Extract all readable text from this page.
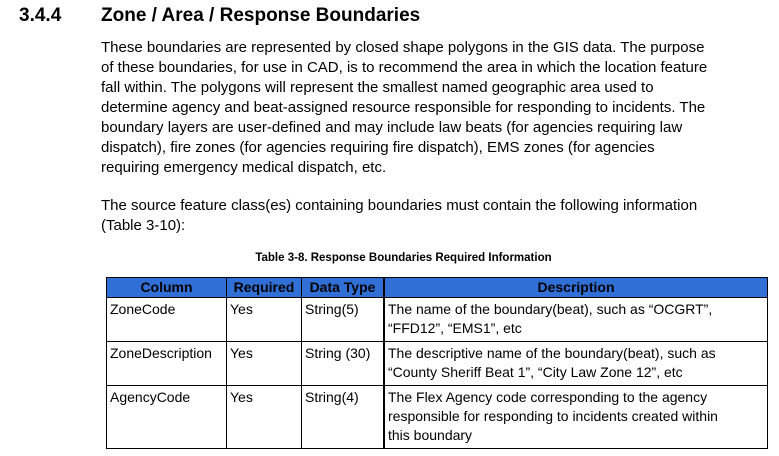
3.4.4 Zone / Area / Response Boundaries
These boundaries are represented by closed shape polygons in the GIS data. The purpose
of these boundaries, for use in CAD, is to recommend the area in which the location feature
fall within. The polygons will represent the smallest named geographic area used to
determine agency and beat-assigned resource responsible for responding to incidents. The
boundary layers are user-defined and may include law beats (for agencies requiring law
dispatch), fire zones (for agencies requiring fire dispatch), EMS zones (for agencies
requiring emergency medical dispatch, etc.
The source feature class(es) containing boundaries must contain the following information
(Table 3-10):
Table 3-8. Response Boundaries Required Information
Column	Required	Data Type	Description
ZoneCode	Yes	String(5)	The name of the boundary(beat), such as “OCGRT”,
“FFD12”, “EMS1”, etc

ZoneDescription	Yes	String (30)	The descriptive name of the boundary(beat), such as
“County Sheriff Beat 1”, “City Law Zone 12”, etc

AgencyCode	Yes	String(4)	The Flex Agency code corresponding to the agency
responsible for responding to incidents created within
this boundary
